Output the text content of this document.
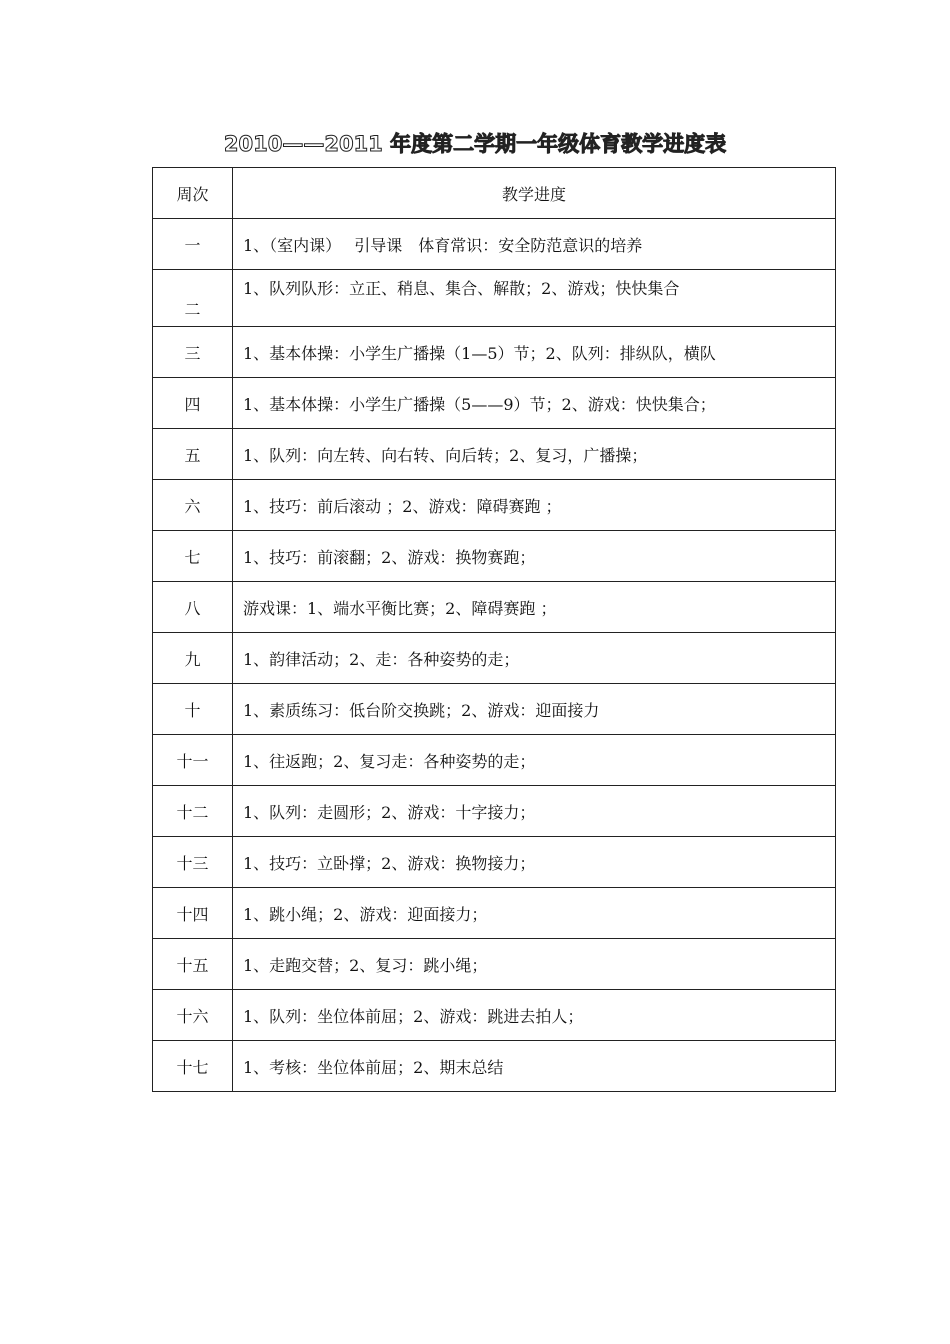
2010——2011 年度第二学期一年级体育教学进度表
周次	教学进度
一	1、（室内课）　 引导课　体育常识：安全防范意识的培养
二	1、队列队形：立正、稍息、集合、解散；2、游戏；快快集合
三	1、基本体操：小学生广播操（1—5）节；2、队列：排纵队，横队
四	1、基本体操：小学生广播操（5——9）节；2、游戏：快快集合；
五	1、队列：向左转、向右转、向后转；2、复习，广播操；
六	1、技巧：前后滚动 ；2、游戏：障碍赛跑 ；
七	1、技巧：前滚翻；2、游戏：换物赛跑；
八	游戏课：1、端水平衡比赛；2、障碍赛跑 ；
九	1、韵律活动；2、走：各种姿势的走；
十	1、素质练习：低台阶交换跳；2、游戏：迎面接力
十一	1、往返跑；2、复习走：各种姿势的走；
十二	1、队列：走圆形；2、游戏：十字接力；
十三	1、技巧：立卧撑；2、游戏：换物接力；
十四	1、跳小绳；2、游戏：迎面接力；
十五	1、走跑交替；2、复习：跳小绳；
十六	1、队列：坐位体前屈；2、游戏：跳进去拍人；
十七	1、考核：坐位体前屈；2、期末总结
